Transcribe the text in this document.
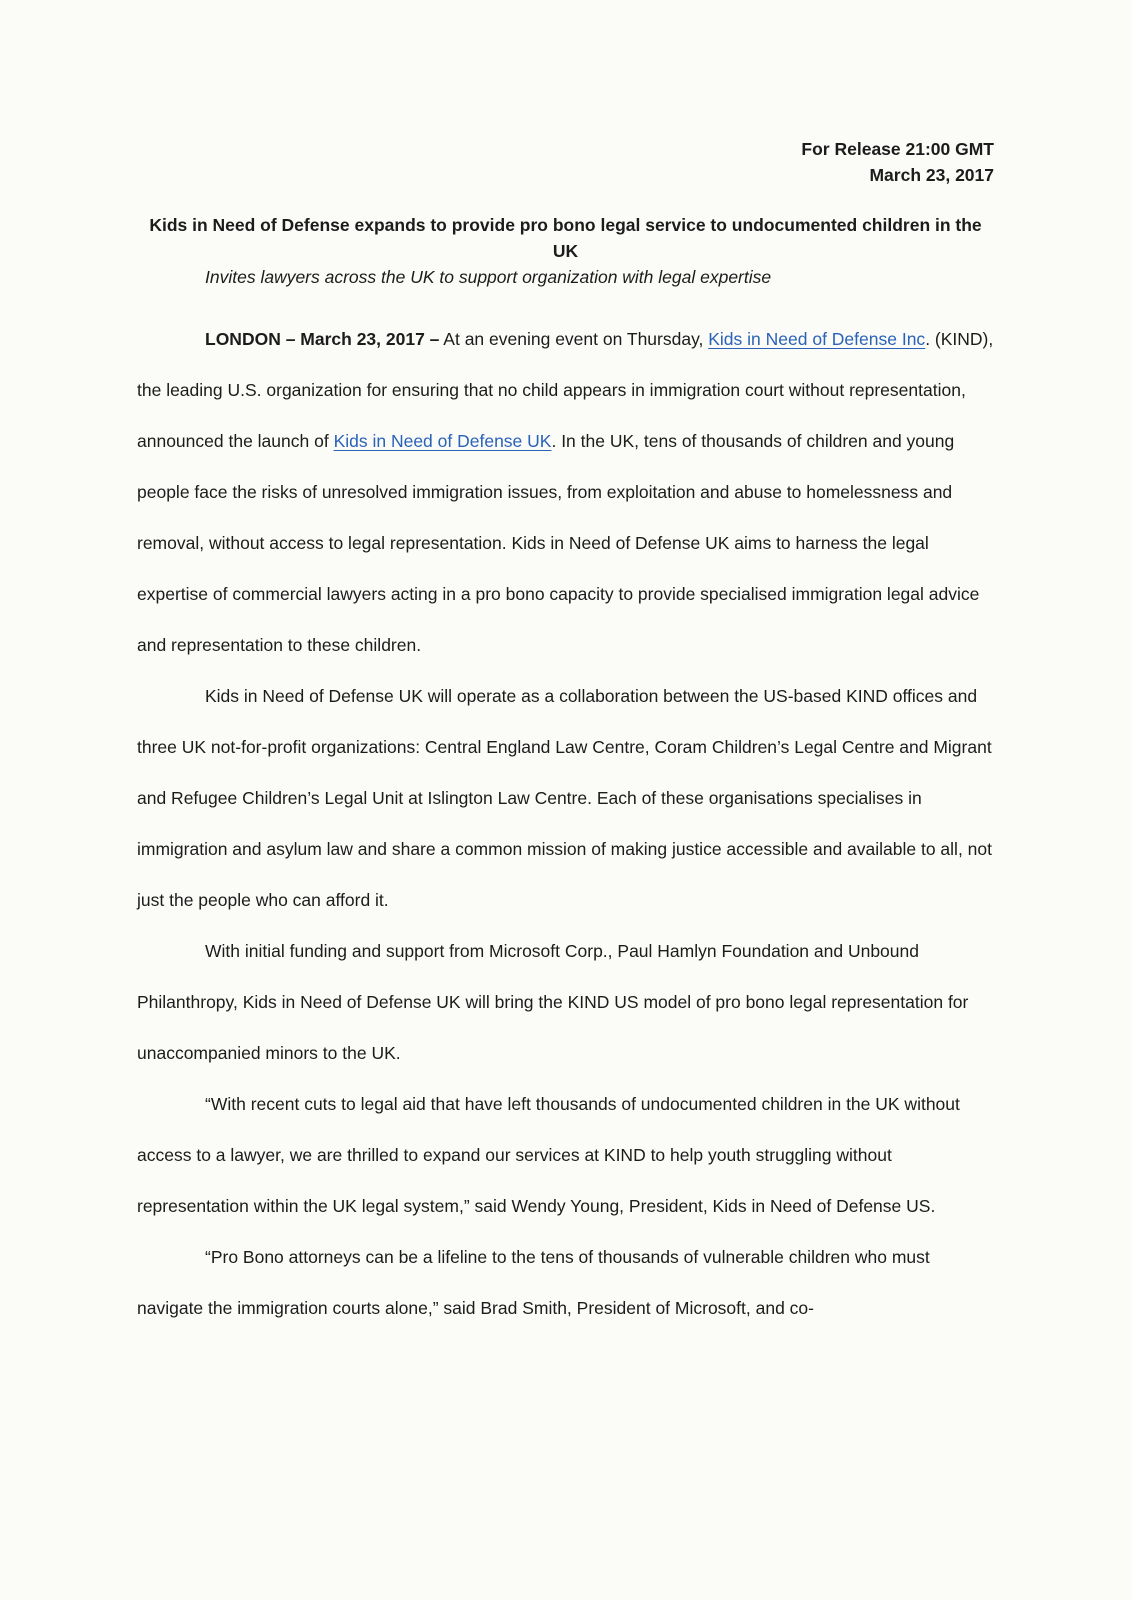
For Release 21:00 GMT
March 23, 2017
Kids in Need of Defense expands to provide pro bono legal service to undocumented children in the UK
Invites lawyers across the UK to support organization with legal expertise

LONDON – March 23, 2017 – At an evening event on Thursday, Kids in Need of Defense Inc. (KIND), the leading U.S. organization for ensuring that no child appears in immigration court without representation, announced the launch of Kids in Need of Defense UK. In the UK, tens of thousands of children and young people face the risks of unresolved immigration issues, from exploitation and abuse to homelessness and removal, without access to legal representation. Kids in Need of Defense UK aims to harness the legal expertise of commercial lawyers acting in a pro bono capacity to provide specialised immigration legal advice and representation to these children.

Kids in Need of Defense UK will operate as a collaboration between the US-based KIND offices and three UK not-for-profit organizations: Central England Law Centre, Coram Children’s Legal Centre and Migrant and Refugee Children’s Legal Unit at Islington Law Centre. Each of these organisations specialises in immigration and asylum law and share a common mission of making justice accessible and available to all, not just the people who can afford it.

With initial funding and support from Microsoft Corp., Paul Hamlyn Foundation and Unbound Philanthropy, Kids in Need of Defense UK will bring the KIND US model of pro bono legal representation for unaccompanied minors to the UK.

“With recent cuts to legal aid that have left thousands of undocumented children in the UK without access to a lawyer, we are thrilled to expand our services at KIND to help youth struggling without representation within the UK legal system,” said Wendy Young, President, Kids in Need of Defense US.

“Pro Bono attorneys can be a lifeline to the tens of thousands of vulnerable children who must navigate the immigration courts alone,” said Brad Smith, President of Microsoft, and co-
